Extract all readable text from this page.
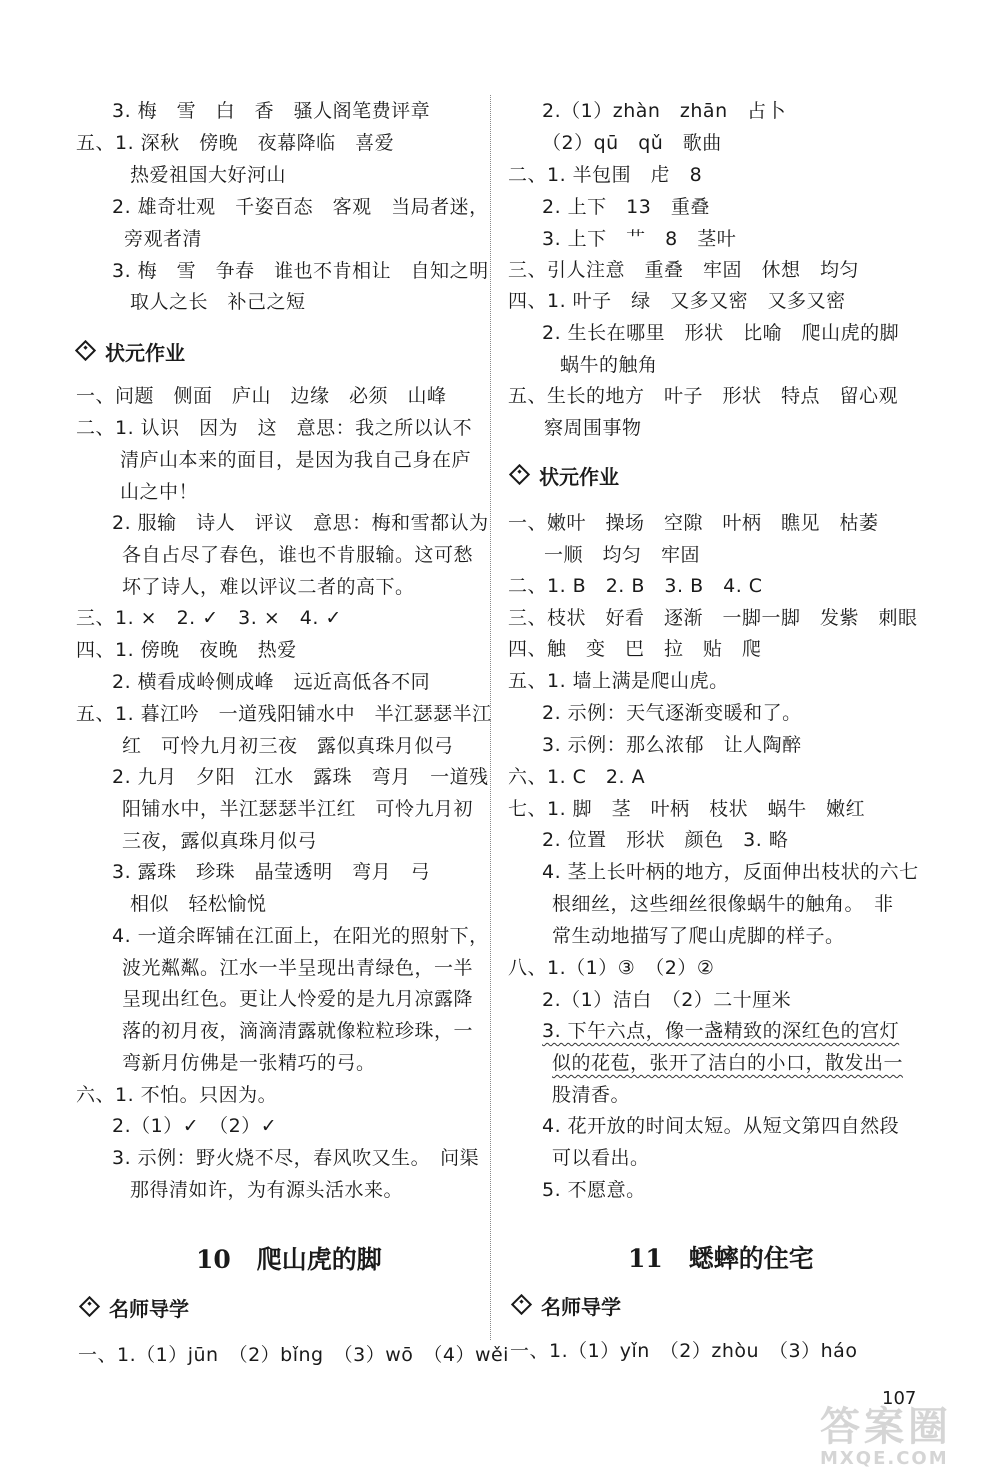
3. 梅　雪　白　香　骚人阁笔费评章
五、1. 深秋　傍晚　夜幕降临　喜爱
热爱祖国大好河山
2. 雄奇壮观　千姿百态　客观　当局者迷，
旁观者清
3. 梅　雪　争春　谁也不肯相让　自知之明
取人之长　补己之短
状元作业
一、问题　侧面　庐山　边缘　必须　山峰
二、1. 认识　因为　这　意思：我之所以认不
清庐山本来的面目，是因为我自己身在庐
山之中！
2. 服输　诗人　评议　意思：梅和雪都认为
各自占尽了春色，谁也不肯服输。这可愁
坏了诗人，难以评议二者的高下。
三、1. ×　2. ✓　3. ×　4. ✓
四、1. 傍晚　夜晚　热爱
2. 横看成岭侧成峰　远近高低各不同
五、1. 暮江吟　一道残阳铺水中　半江瑟瑟半江
红　可怜九月初三夜　露似真珠月似弓
2. 九月　夕阳　江水　露珠　弯月　一道残
阳铺水中，半江瑟瑟半江红　可怜九月初
三夜，露似真珠月似弓
3. 露珠　珍珠　晶莹透明　弯月　弓
相似　轻松愉悦
4. 一道余晖铺在江面上，在阳光的照射下，
波光粼粼。江水一半呈现出青绿色，一半
呈现出红色。更让人怜爱的是九月凉露降
落的初月夜，滴滴清露就像粒粒珍珠，一
弯新月仿佛是一张精巧的弓。
六、1. 不怕。只因为。
2.（1）✓　（2）✓
3. 示例：野火烧不尽，春风吹又生。　问渠
那得清如许，为有源头活水来。
10 爬山虎的脚
名师导学
一、1.（1）jūn　（2）bǐng　（3）wō　（4）wěi
2.（1）zhàn　zhān　占卜
（2）qū　qǔ　歌曲
二、1. 半包围　虍　8
2. 上下　13　重叠
3. 上下　艹　8　茎叶
三、引人注意　重叠　牢固　休想　均匀
四、1. 叶子　绿　又多又密　又多又密
2. 生长在哪里　形状　比喻　爬山虎的脚
蜗牛的触角
五、生长的地方　叶子　形状　特点　留心观
察周围事物
状元作业
一、嫩叶　操场　空隙　叶柄　瞧见　枯萎
一顺　均匀　牢固
二、1. B　2. B　3. B　4. C
三、枝状　好看　逐渐　一脚一脚　发紫　刺眼
四、触　变　巴　拉　贴　爬
五、1. 墙上满是爬山虎。
2. 示例：天气逐渐变暖和了。
3. 示例：那么浓郁　让人陶醉
六、1. C　2. A
七、1. 脚　茎　叶柄　枝状　蜗牛　嫩红
2. 位置　形状　颜色　3. 略
4. 茎上长叶柄的地方，反面伸出枝状的六七
根细丝，这些细丝很像蜗牛的触角。　非
常生动地描写了爬山虎脚的样子。
八、1.（1）③　（2）②
2.（1）洁白　（2）二十厘米
3. 下午六点，像一盏精致的深红色的宫灯
似的花苞，张开了洁白的小口，散发出一
股清香。
4. 花开放的时间太短。从短文第四自然段
可以看出。
5. 不愿意。
11 蟋蟀的住宅
名师导学
一、1.（1）yǐn　（2）zhòu　（3）háo
107
答案圈
MXQE.COM
